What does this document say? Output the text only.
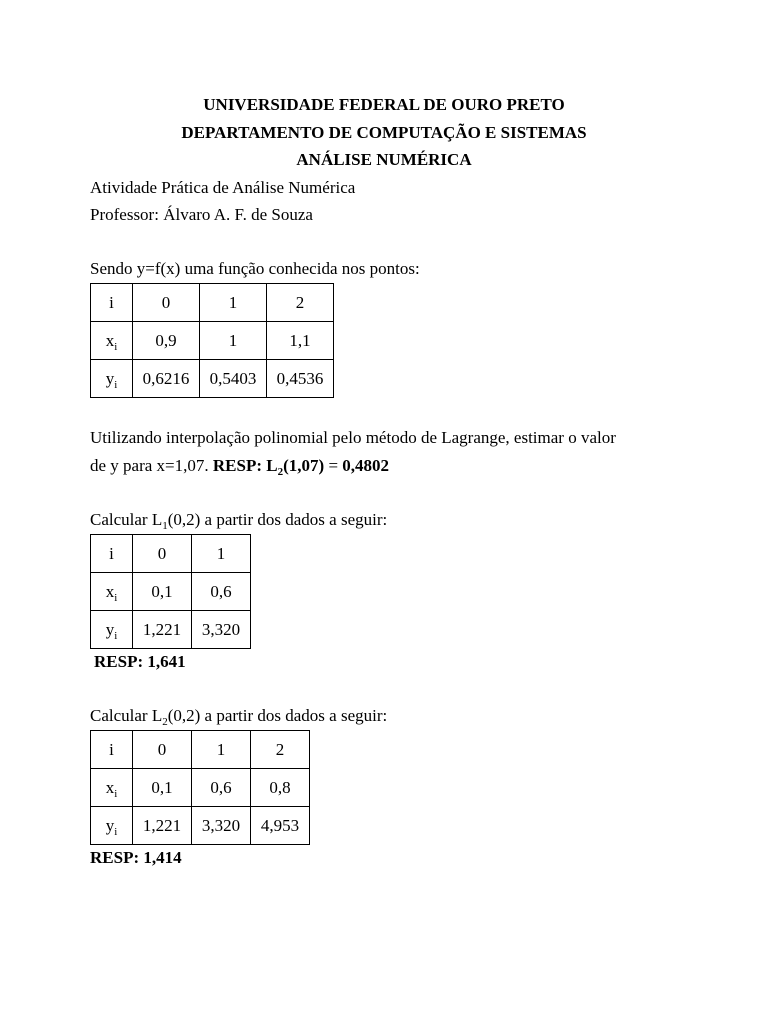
UNIVERSIDADE FEDERAL DE OURO PRETO
DEPARTAMENTO DE COMPUTAÇÃO E SISTEMAS
ANÁLISE NUMÉRICA
Atividade Prática de Análise Numérica
Professor: Álvaro A. F. de Souza
Sendo y=f(x) uma função conhecida nos pontos:
i	0	1	2
$x_i$	0,9	1	1,1
$y_i$	0,6216	0,5403	0,4536
Utilizando interpolação polinomial pelo método de Lagrange, estimar o valor
de y para x=1,07. RESP: $L_2(1,07) = 0,4802$
Calcular $L_1(0,2)$ a partir dos dados a seguir:
i	0	1
$x_i$	0,1	0,6
$y_i$	1,221	3,320
RESP: 1,641
Calcular $L_2(0,2)$ a partir dos dados a seguir:
i	0	1	2
$x_i$	0,1	0,6	0,8
$y_i$	1,221	3,320	4,953
RESP: 1,414
